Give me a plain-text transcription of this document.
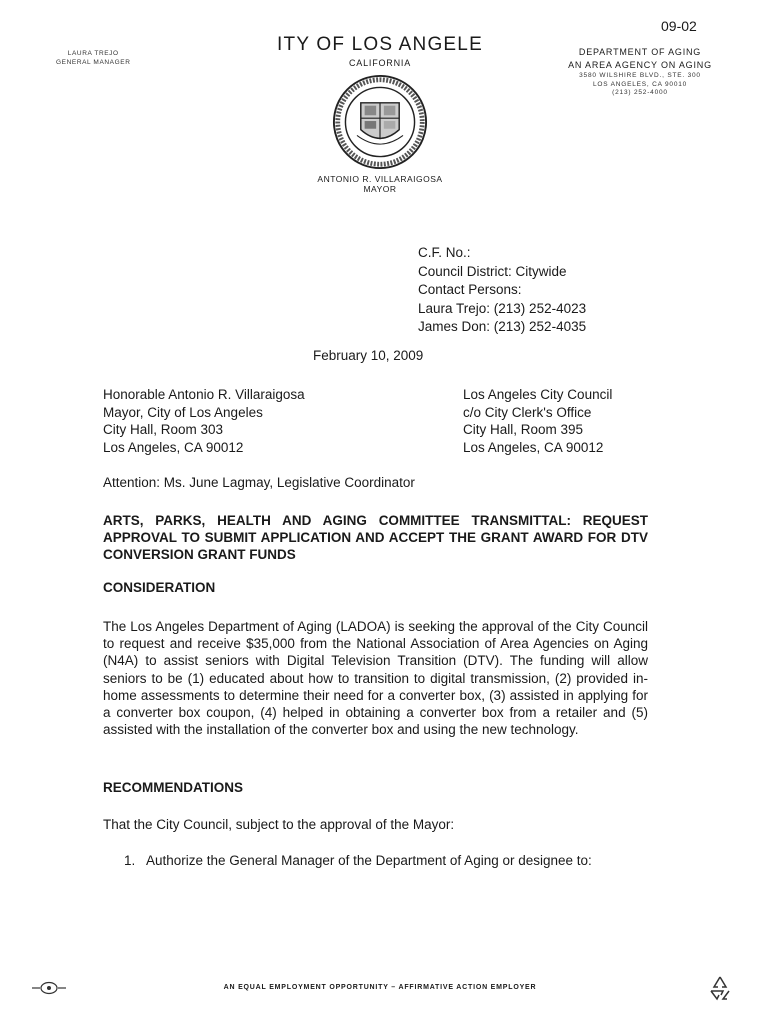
09-02
LAURA TREJO
GENERAL MANAGER
ITY OF LOS ANGELE
CALIFORNIA
ANTONIO R. VILLARAIGOSA
MAYOR
DEPARTMENT OF AGING
AN AREA AGENCY ON AGING
3580 WILSHIRE BLVD., STE. 300
LOS ANGELES, CA 90010
(213) 252-4000
C.F. No.:
Council District: Citywide
Contact Persons:
Laura Trejo: (213) 252-4023
James Don: (213) 252-4035
February 10, 2009
Honorable Antonio R. Villaraigosa
Mayor, City of Los Angeles
City Hall, Room 303
Los Angeles, CA 90012
Los Angeles City Council
c/o City Clerk's Office
City Hall, Room 395
Los Angeles, CA 90012
Attention: Ms. June Lagmay, Legislative Coordinator
ARTS, PARKS, HEALTH AND AGING COMMITTEE TRANSMITTAL: REQUEST APPROVAL TO SUBMIT APPLICATION AND ACCEPT THE GRANT AWARD FOR DTV CONVERSION GRANT FUNDS
CONSIDERATION
The Los Angeles Department of Aging (LADOA) is seeking the approval of the City Council to request and receive $35,000 from the National Association of Area Agencies on Aging (N4A) to assist seniors with Digital Television Transition (DTV). The funding will allow seniors to be (1) educated about how to transition to digital transmission, (2) provided in-home assessments to determine their need for a converter box, (3) assisted in applying for a converter box coupon, (4) helped in obtaining a converter box from a retailer and (5) assisted with the installation of the converter box and using the new technology.
RECOMMENDATIONS
That the City Council, subject to the approval of the Mayor:
1. Authorize the General Manager of the Department of Aging or designee to:
AN EQUAL EMPLOYMENT OPPORTUNITY – AFFIRMATIVE ACTION EMPLOYER
